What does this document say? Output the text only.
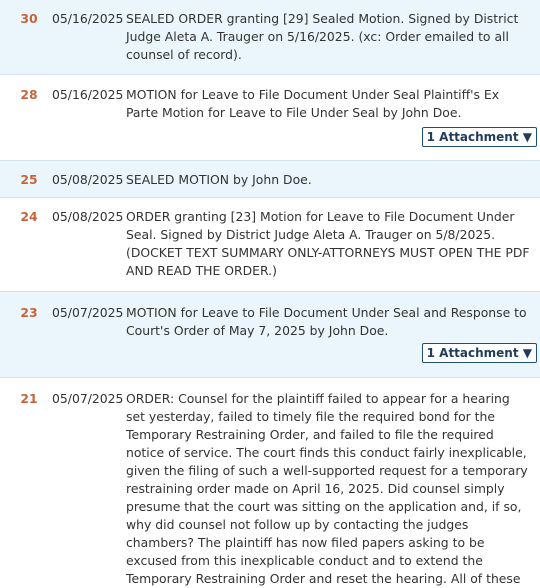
30	05/16/2025 SEALED ORDER granting [29] Sealed Motion. Signed by District Judge Aleta A. Trauger on 5/16/2025. (xc: Order emailed to all counsel of record).
28	05/16/2025 MOTION for Leave to File Document Under Seal Plaintiff's Ex Parte Motion for Leave to File Under Seal by John Doe.
1 Attachment ▼
25	05/08/2025 SEALED MOTION by John Doe.
24	05/08/2025 ORDER granting [23] Motion for Leave to File Document Under Seal. Signed by District Judge Aleta A. Trauger on 5/8/2025. (DOCKET TEXT SUMMARY ONLY-ATTORNEYS MUST OPEN THE PDF AND READ THE ORDER.)
23	05/07/2025 MOTION for Leave to File Document Under Seal and Response to Court's Order of May 7, 2025 by John Doe.
1 Attachment ▼
21	05/07/2025 ORDER: Counsel for the plaintiff failed to appear for a hearing set yesterday, failed to timely file the required bond for the Temporary Restraining Order, and failed to file the required notice of service. The court finds this conduct fairly inexplicable, given the filing of such a well-supported request for a temporary restraining order made on April 16, 2025. Did counsel simply presume that the court was sitting on the application and, if so, why did counsel not follow up by contacting the judges chambers? The plaintiff has now filed papers asking to be excused from this inexplicable conduct and to extend the Temporary Restraining Order and reset the hearing. All of these
